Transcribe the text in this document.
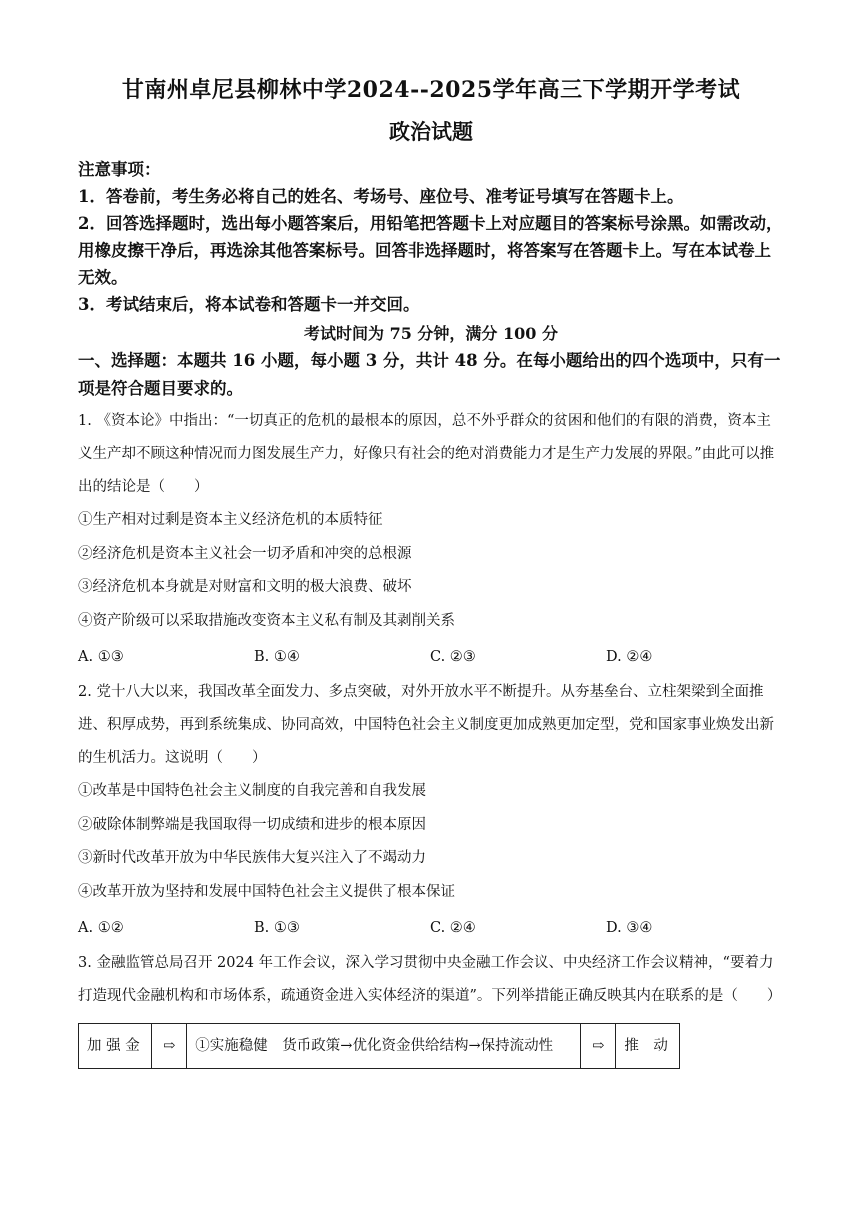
甘南州卓尼县柳林中学2024--2025学年高三下学期开学考试
政治试题

注意事项：

1．答卷前，考生务必将自己的姓名、考场号、座位号、准考证号填写在答题卡上。

2．回答选择题时，选出每小题答案后，用铅笔把答题卡上对应题目的答案标号涂黑。如需改动，用橡皮擦干净后，再选涂其他答案标号。回答非选择题时，将答案写在答题卡上。写在本试卷上无效。

3．考试结束后，将本试卷和答题卡一并交回。

考试时间为 75 分钟，满分 100 分

一、选择题：本题共 16 小题，每小题 3 分，共计 48 分。在每小题给出的四个选项中，只有一项是符合题目要求的。

1. 《资本论》中指出：“一切真正的危机的最根本的原因，总不外乎群众的贫困和他们的有限的消费，资本主义生产却不顾这种情况而力图发展生产力，好像只有社会的绝对消费能力才是生产力发展的界限。”由此可以推出的结论是（　　）

①生产相对过剩是资本主义经济危机的本质特征

②经济危机是资本主义社会一切矛盾和冲突的总根源

③经济危机本身就是对财富和文明的极大浪费、破坏

④资产阶级可以采取措施改变资本主义私有制及其剥削关系

A. ①③	B. ①④	C. ②③	D. ②④

2. 党十八大以来，我国改革全面发力、多点突破，对外开放水平不断提升。从夯基垒台、立柱架梁到全面推进、积厚成势，再到系统集成、协同高效，中国特色社会主义制度更加成熟更加定型，党和国家事业焕发出新的生机活力。这说明（　　）

①改革是中国特色社会主义制度的自我完善和自我发展

②破除体制弊端是我国取得一切成绩和进步的根本原因

③新时代改革开放为中华民族伟大复兴注入了不竭动力

④改革开放为坚持和发展中国特色社会主义提供了根本保证

A. ①②	B. ①③	C. ②④	D. ③④

3. 金融监管总局召开 2024 年工作会议，深入学习贯彻中央金融工作会议、中央经济工作会议精神，“要着力打造现代金融机构和市场体系，疏通资金进入实体经济的渠道”。下列举措能正确反映其内在联系的是（　　）

加 强 金	⇨	①实施稳健　货币政策→优化资金供给结构→保持流动性	⇨	推　动
